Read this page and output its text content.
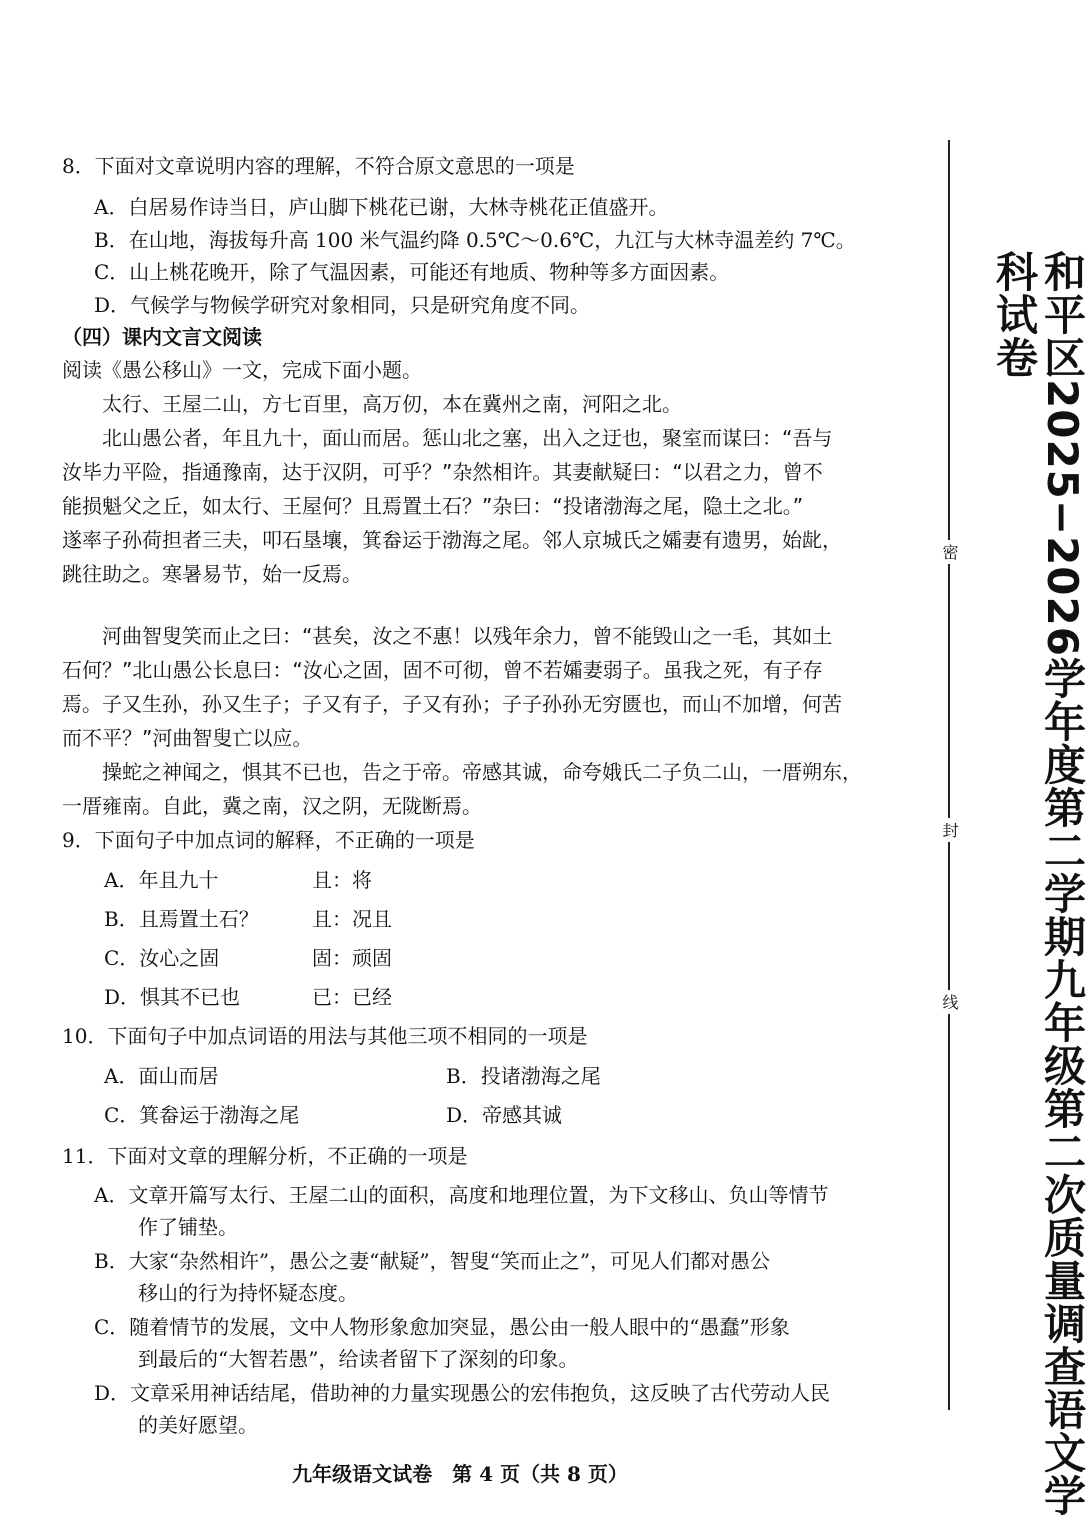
8．下面对文章说明内容的理解，不符合原文意思的一项是
A．白居易作诗当日，庐山脚下桃花已谢，大林寺桃花正值盛开。
B．在山地，海拔每升高 100 米气温约降 0.5℃～0.6℃，九江与大林寺温差约 7℃。
C．山上桃花晚开，除了气温因素，可能还有地质、物种等多方面因素。
D．气候学与物候学研究对象相同，只是研究角度不同。
（四）课内文言文阅读
阅读《愚公移山》一文，完成下面小题。
　　太行、王屋二山，方七百里，高万仞，本在冀州之南，河阳之北。
　　北山愚公者，年且九十，面山而居。惩山北之塞，出入之迂也，聚室而谋曰：“吾与
汝毕力平险，指通豫南，达于汉阴，可乎？”杂然相许。其妻献疑曰：“以君之力，曾不
能损魁父之丘，如太行、王屋何？且焉置土石？”杂曰：“投诸渤海之尾，隐土之北。”
遂率子孙荷担者三夫，叩石垦壤，箕畚运于渤海之尾。邻人京城氏之孀妻有遗男，始龀，
跳往助之。寒暑易节，始一反焉。
　　河曲智叟笑而止之曰：“甚矣，汝之不惠！以残年余力，曾不能毁山之一毛，其如土
石何？”北山愚公长息曰：“汝心之固，固不可彻，曾不若孀妻弱子。虽我之死，有子存
焉。子又生孙，孙又生子；子又有子，子又有孙；子子孙孙无穷匮也，而山不加增，何苦
而不平？”河曲智叟亡以应。
　　操蛇之神闻之，惧其不已也，告之于帝。帝感其诚，命夸娥氏二子负二山，一厝朔东，
一厝雍南。自此，冀之南，汉之阴，无陇断焉。
9．下面句子中加点词的解释，不正确的一项是
A．年且九十	且：将
B．且焉置土石？	且：况且
C．汝心之固	固：顽固
D．惧其不已也	已：已经
10．下面句子中加点词语的用法与其他三项不相同的一项是
A．面山而居	B．投诸渤海之尾
C．箕畚运于渤海之尾	D．帝感其诚
11．下面对文章的理解分析，不正确的一项是
A．文章开篇写太行、王屋二山的面积，高度和地理位置，为下文移山、负山等情节
作了铺垫。
B．大家“杂然相许”，愚公之妻“献疑”，智叟“笑而止之”，可见人们都对愚公
移山的行为持怀疑态度。
C．随着情节的发展，文中人物形象愈加突显，愚公由一般人眼中的“愚蠢”形象
到最后的“大智若愚”，给读者留下了深刻的印象。
D．文章采用神话结尾，借助神的力量实现愚公的宏伟抱负，这反映了古代劳动人民
的美好愿望。
九年级语文试卷　第 4 页（共 8 页）
密
封
线	和平区2025−2026学年度第二学期九年级第二次质量调查语文学科试卷
